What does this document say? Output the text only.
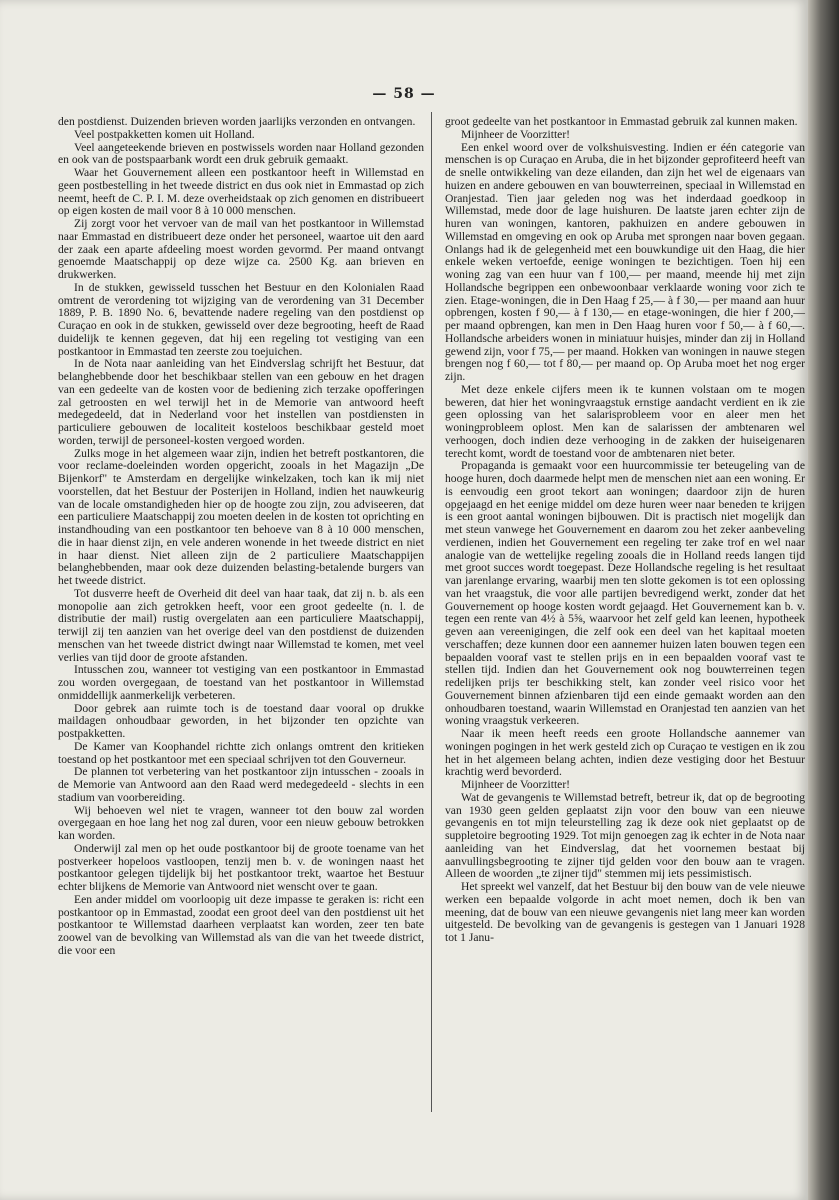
— 58 —

den postdienst. Duizenden brieven worden jaarlijks verzonden en ontvangen.

Veel postpakketten komen uit Holland.

Veel aangeteekende brieven en postwissels worden naar Holland gezonden en ook van de postspaarbank wordt een druk gebruik gemaakt.

Waar het Gouvernement alleen een postkantoor heeft in Willemstad en geen postbestelling in het tweede district en dus ook niet in Emmastad op zich neemt, heeft de C. P. I. M. deze overheidstaak op zich genomen en distribueert op eigen kosten de mail voor 8 à 10 000 menschen.

Zij zorgt voor het vervoer van de mail van het postkantoor in Willemstad naar Emmastad en distribueert deze onder het personeel, waartoe uit den aard der zaak een aparte afdeeling moest worden gevormd. Per maand ontvangt genoemde Maatschappij op deze wijze ca. 2500 Kg. aan brieven en drukwerken.

In de stukken, gewisseld tusschen het Bestuur en den Kolonialen Raad omtrent de verordening tot wijziging van de verordening van 31 December 1889, P. B. 1890 No. 6, bevattende nadere regeling van den postdienst op Curaçao en ook in de stukken, gewisseld over deze begrooting, heeft de Raad duidelijk te kennen gegeven, dat hij een regeling tot vestiging van een postkantoor in Emmastad ten zeerste zou toejuichen.

In de Nota naar aanleiding van het Eindverslag schrijft het Bestuur, dat belanghebbende door het beschikbaar stellen van een gebouw en het dragen van een gedeelte van de kosten voor de bediening zich terzake opofferingen zal getroosten en wel terwijl het in de Memorie van antwoord heeft medegedeeld, dat in Nederland voor het instellen van postdiensten in particuliere gebouwen de localiteit kosteloos beschikbaar gesteld moet worden, terwijl de personeel-kosten vergoed worden.

Zulks moge in het algemeen waar zijn, indien het betreft postkantoren, die voor reclame-doeleinden worden opgericht, zooals in het Magazijn „De Bijenkorf" te Amsterdam en dergelijke winkelzaken, toch kan ik mij niet voorstellen, dat het Bestuur der Posterijen in Holland, indien het nauwkeurig van de locale omstandigheden hier op de hoogte zou zijn, zou adviseeren, dat een particuliere Maatschappij zou moeten deelen in de kosten tot oprichting en instandhouding van een postkantoor ten behoeve van 8 à 10 000 menschen, die in haar dienst zijn, en vele anderen wonende in het tweede district en niet in haar dienst. Niet alleen zijn de 2 particuliere Maatschappijen belanghebbenden, maar ook deze duizenden belasting-betalende burgers van het tweede district.

Tot dusverre heeft de Overheid dit deel van haar taak, dat zij n. b. als een monopolie aan zich getrokken heeft, voor een groot gedeelte (n. l. de distributie der mail) rustig overgelaten aan een particuliere Maatschappij, terwijl zij ten aanzien van het overige deel van den postdienst de duizenden menschen van het tweede district dwingt naar Willemstad te komen, met veel verlies van tijd door de groote afstanden.

Intusschen zou, wanneer tot vestiging van een postkantoor in Emmastad zou worden overgegaan, de toestand van het postkantoor in Willemstad onmiddellijk aanmerkelijk verbeteren.

Door gebrek aan ruimte toch is de toestand daar vooral op drukke maildagen onhoudbaar geworden, in het bijzonder ten opzichte van postpakketten.

De Kamer van Koophandel richtte zich onlangs omtrent den kritieken toestand op het postkantoor met een speciaal schrijven tot den Gouverneur.

De plannen tot verbetering van het postkantoor zijn intusschen - zooals in de Memorie van Antwoord aan den Raad werd medegedeeld - slechts in een stadium van voorbereiding.

Wij behoeven wel niet te vragen, wanneer tot den bouw zal worden overgegaan en hoe lang het nog zal duren, voor een nieuw gebouw betrokken kan worden.

Onderwijl zal men op het oude postkantoor bij de groote toename van het postverkeer hopeloos vastloopen, tenzij men b. v. de woningen naast het postkantoor gelegen tijdelijk bij het postkantoor trekt, waartoe het Bestuur echter blijkens de Memorie van Antwoord niet wenscht over te gaan.

Een ander middel om voorloopig uit deze impasse te geraken is: richt een postkantoor op in Emmastad, zoodat een groot deel van den postdienst uit het postkantoor te Willemstad daarheen verplaatst kan worden, zeer ten bate zoowel van de bevolking van Willemstad als van die van het tweede district, die voor een

groot gedeelte van het postkantoor in Emmastad gebruik zal kunnen maken.

Mijnheer de Voorzitter!

Een enkel woord over de volkshuisvesting. Indien er één categorie van menschen is op Curaçao en Aruba, die in het bijzonder geprofiteerd heeft van de snelle ontwikkeling van deze eilanden, dan zijn het wel de eigenaars van huizen en andere gebouwen en van bouwterreinen, speciaal in Willemstad en Oranjestad. Tien jaar geleden nog was het inderdaad goedkoop in Willemstad, mede door de lage huishuren. De laatste jaren echter zijn de huren van woningen, kantoren, pakhuizen en andere gebouwen in Willemstad en omgeving en ook op Aruba met sprongen naar boven gegaan. Onlangs had ik de gelegenheid met een bouwkundige uit den Haag, die hier enkele weken vertoefde, eenige woningen te bezichtigen. Toen hij een woning zag van een huur van f 100,— per maand, meende hij met zijn Hollandsche begrippen een onbewoonbaar verklaarde woning voor zich te zien. Etage-woningen, die in Den Haag f 25,— à f 30,— per maand aan huur opbrengen, kosten f 90,— à f 130,— en etage-woningen, die hier f 200,— per maand opbrengen, kan men in Den Haag huren voor f 50,— à f 60,—. Hollandsche arbeiders wonen in miniatuur huisjes, minder dan zij in Holland gewend zijn, voor f 75,— per maand. Hokken van woningen in nauwe stegen brengen nog f 60,— tot f 80,— per maand op. Op Aruba moet het nog erger zijn.

Met deze enkele cijfers meen ik te kunnen volstaan om te mogen beweren, dat hier het woningvraagstuk ernstige aandacht verdient en ik zie geen oplossing van het salarisprobleem voor en aleer men het woningprobleem oplost. Men kan de salarissen der ambtenaren wel verhoogen, doch indien deze verhooging in de zakken der huiseigenaren terecht komt, wordt de toestand voor de ambtenaren niet beter.

Propaganda is gemaakt voor een huurcommissie ter beteugeling van de hooge huren, doch daarmede helpt men de menschen niet aan een woning. Er is eenvoudig een groot tekort aan woningen; daardoor zijn de huren opgejaagd en het eenige middel om deze huren weer naar beneden te krijgen is een groot aantal woningen bijbouwen. Dit is practisch niet mogelijk dan met steun vanwege het Gouvernement en daarom zou het zeker aanbeveling verdienen, indien het Gouvernement een regeling ter zake trof en wel naar analogie van de wettelijke regeling zooals die in Holland reeds langen tijd met groot succes wordt toegepast. Deze Hollandsche regeling is het resultaat van jarenlange ervaring, waarbij men ten slotte gekomen is tot een oplossing van het vraagstuk, die voor alle partijen bevredigend werkt, zonder dat het Gouvernement op hooge kosten wordt gejaagd. Het Gouvernement kan b. v. tegen een rente van 4½ à 5⅝, waarvoor het zelf geld kan leenen, hypotheek geven aan vereenigingen, die zelf ook een deel van het kapitaal moeten verschaffen; deze kunnen door een aannemer huizen laten bouwen tegen een bepaalden vooraf vast te stellen prijs en in een bepaalden vooraf vast te stellen tijd. Indien dan het Gouvernement ook nog bouwterreinen tegen redelijken prijs ter beschikking stelt, kan zonder veel risico voor het Gouvernement binnen afzienbaren tijd een einde gemaakt worden aan den onhoudbaren toestand, waarin Willemstad en Oranjestad ten aanzien van het woning vraagstuk verkeeren.

Naar ik meen heeft reeds een groote Hollandsche aannemer van woningen pogingen in het werk gesteld zich op Curaçao te vestigen en ik zou het in het algemeen belang achten, indien deze vestiging door het Bestuur krachtig werd bevorderd.

Mijnheer de Voorzitter!

Wat de gevangenis te Willemstad betreft, betreur ik, dat op de begrooting van 1930 geen gelden geplaatst zijn voor den bouw van een nieuwe gevangenis en tot mijn teleurstelling zag ik deze ook niet geplaatst op de suppletoire begrooting 1929. Tot mijn genoegen zag ik echter in de Nota naar aanleiding van het Eindverslag, dat het voornemen bestaat bij aanvullingsbegrooting te zijner tijd gelden voor den bouw aan te vragen. Alleen de woorden „te zijner tijd" stemmen mij iets pessimistisch.

Het spreekt wel vanzelf, dat het Bestuur bij den bouw van de vele nieuwe werken een bepaalde volgorde in acht moet nemen, doch ik ben van meening, dat de bouw van een nieuwe gevangenis niet lang meer kan worden uitgesteld. De bevolking van de gevangenis is gestegen van 1 Januari 1928 tot 1 Janu-
